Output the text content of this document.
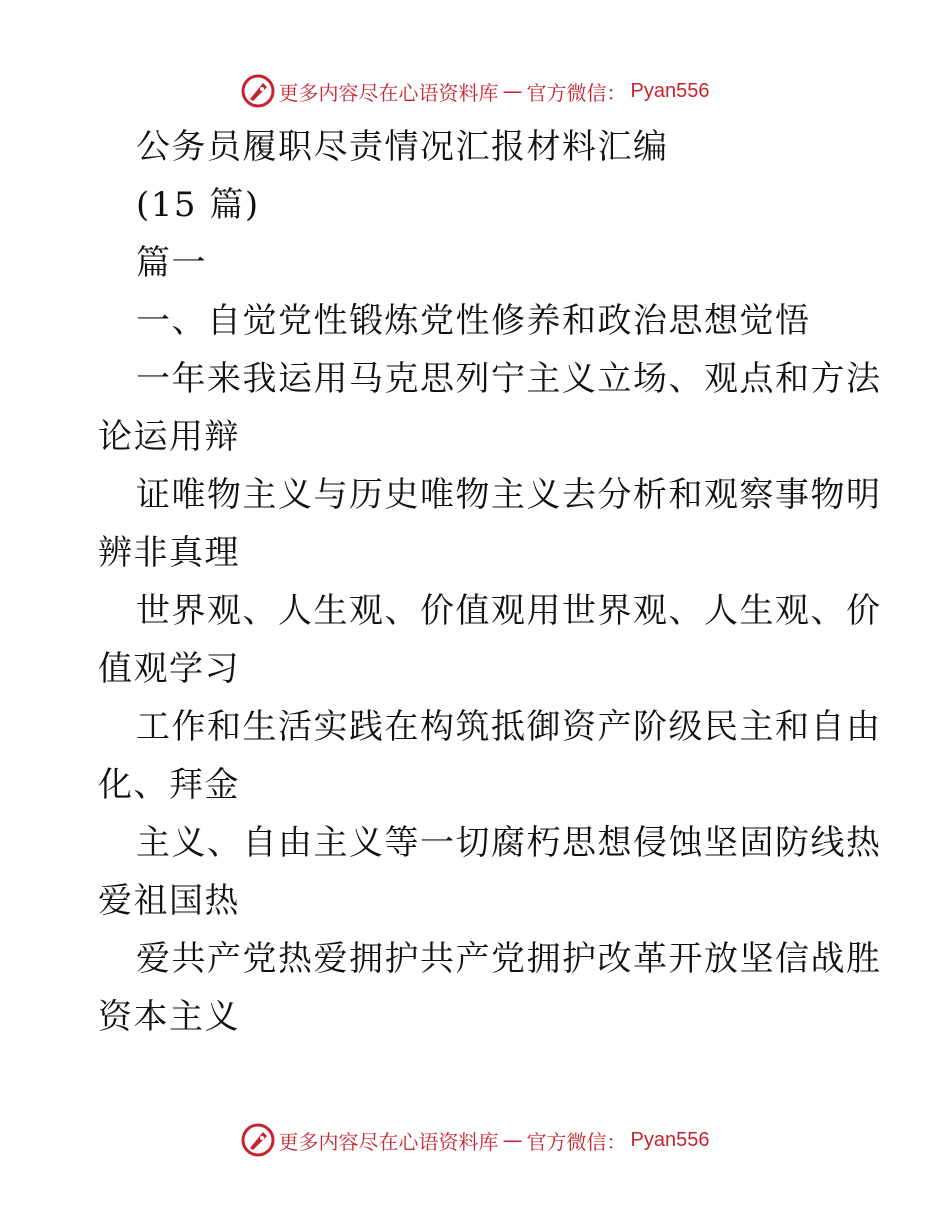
更多内容尽在心语资料库 — 官方微信： Pyan556
公务员履职尽责情况汇报材料汇编
(15 篇)
篇一
一、自觉党性锻炼党性修养和政治思想觉悟
一年来我运用马克思列宁主义立场、观点和方法
论运用辩
证唯物主义与历史唯物主义去分析和观察事物明
辨非真理
世界观、人生观、价值观用世界观、人生观、价
值观学习
工作和生活实践在构筑抵御资产阶级民主和自由
化、拜金
主义、自由主义等一切腐朽思想侵蚀坚固防线热
爱祖国热
爱共产党热爱拥护共产党拥护改革开放坚信战胜
资本主义
更多内容尽在心语资料库 — 官方微信： Pyan556
